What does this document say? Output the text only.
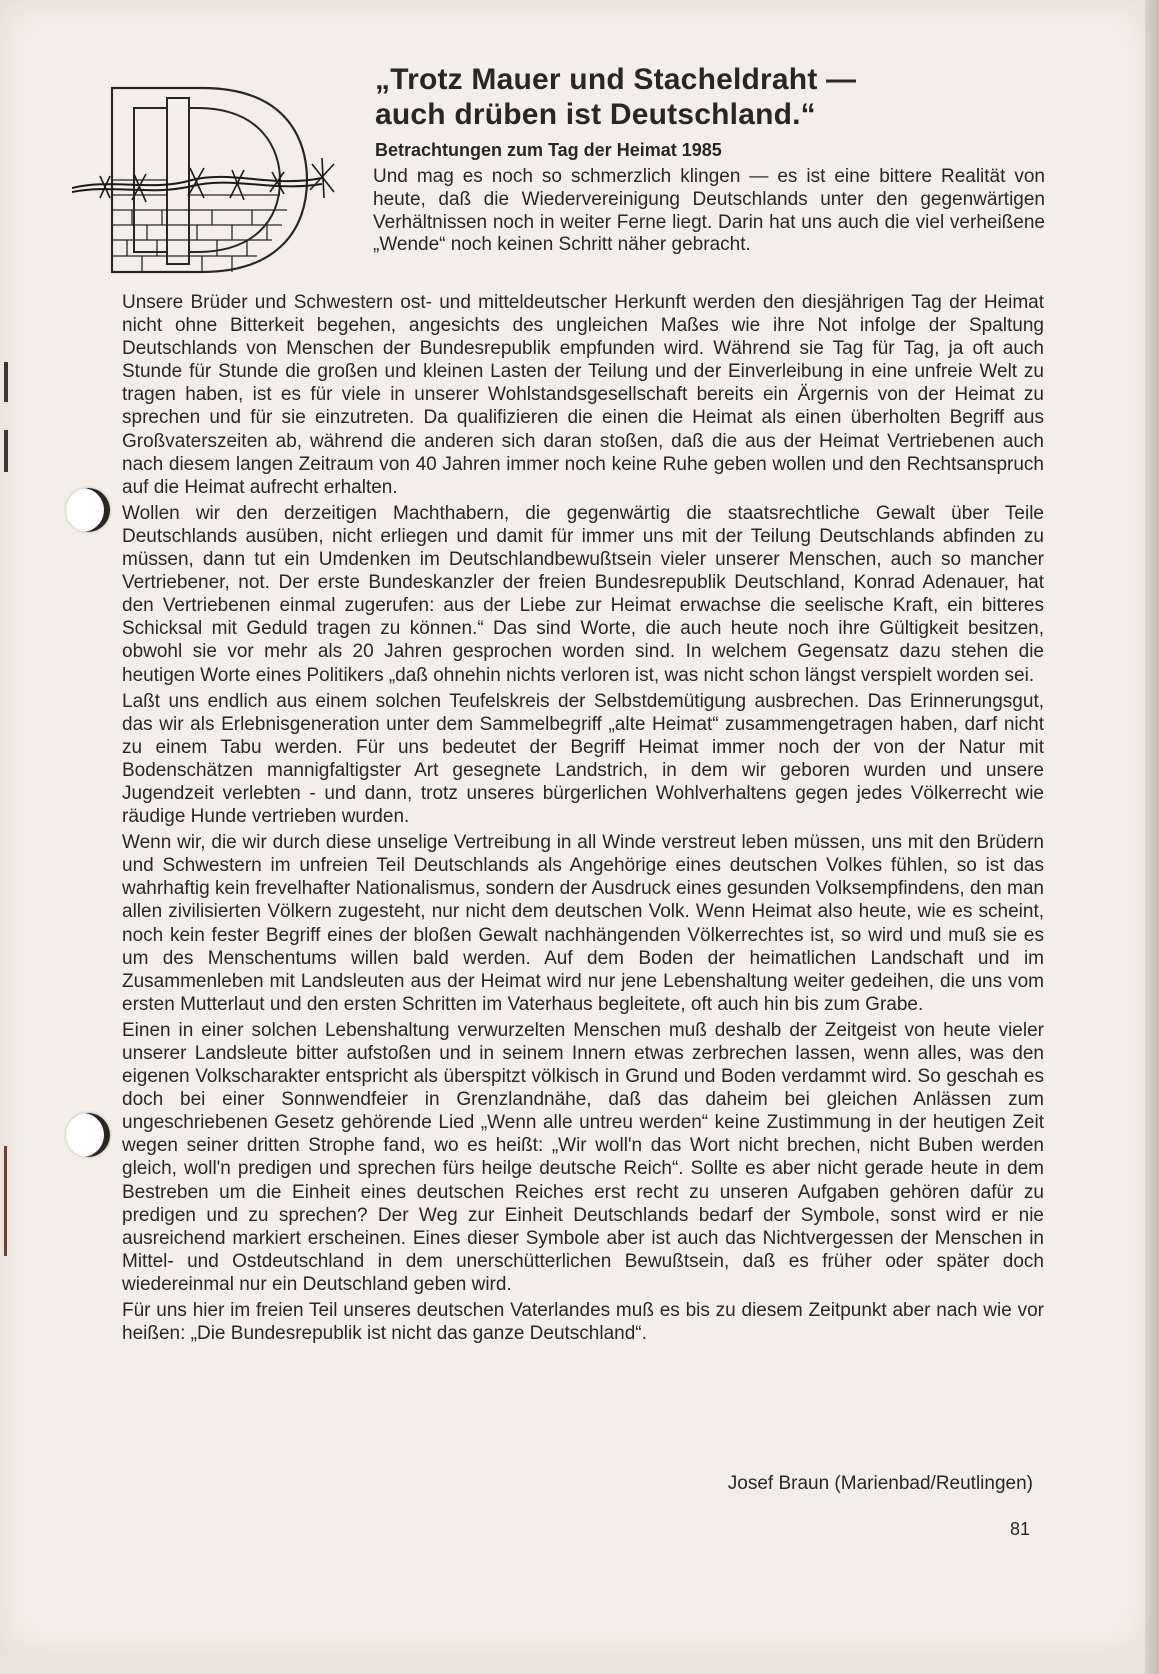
„Trotz Mauer und Stacheldraht —
auch drüben ist Deutschland.“
Betrachtungen zum Tag der Heimat 1985

Und mag es noch so schmerzlich klingen — es ist eine bittere Realität von heute, daß die Wiedervereinigung Deutschlands unter den gegenwärtigen Verhältnissen noch in weiter Ferne liegt. Darin hat uns auch die viel verheißene „Wende“ noch keinen Schritt näher gebracht.

Unsere Brüder und Schwestern ost- und mitteldeutscher Herkunft werden den diesjährigen Tag der Heimat nicht ohne Bitterkeit begehen, angesichts des ungleichen Maßes wie ihre Not infolge der Spaltung Deutschlands von Menschen der Bundesrepublik empfunden wird. Während sie Tag für Tag, ja oft auch Stunde für Stunde die großen und kleinen Lasten der Teilung und der Einverleibung in eine unfreie Welt zu tragen haben, ist es für viele in unserer Wohlstandsgesellschaft bereits ein Ärgernis von der Heimat zu sprechen und für sie einzutreten. Da qualifizieren die einen die Heimat als einen überholten Begriff aus Großvaterszeiten ab, während die anderen sich daran stoßen, daß die aus der Heimat Vertriebenen auch nach diesem langen Zeitraum von 40 Jahren immer noch keine Ruhe geben wollen und den Rechtsanspruch auf die Heimat aufrecht erhalten.

Wollen wir den derzeitigen Machthabern, die gegenwärtig die staatsrechtliche Gewalt über Teile Deutschlands ausüben, nicht erliegen und damit für immer uns mit der Teilung Deutschlands abfinden zu müssen, dann tut ein Umdenken im Deutschlandbewußtsein vieler unserer Menschen, auch so mancher Vertriebener, not. Der erste Bundeskanzler der freien Bundesrepublik Deutschland, Konrad Adenauer, hat den Vertriebenen einmal zugerufen: aus der Liebe zur Heimat erwachse die seelische Kraft, ein bitteres Schicksal mit Geduld tragen zu können.“ Das sind Worte, die auch heute noch ihre Gültigkeit besitzen, obwohl sie vor mehr als 20 Jahren gesprochen worden sind. In welchem Gegensatz dazu stehen die heutigen Worte eines Politikers „daß ohnehin nichts verloren ist, was nicht schon längst verspielt worden sei.

Laßt uns endlich aus einem solchen Teufelskreis der Selbstdemütigung ausbrechen. Das Erinnerungsgut, das wir als Erlebnisgeneration unter dem Sammelbegriff „alte Heimat“ zusammengetragen haben, darf nicht zu einem Tabu werden. Für uns bedeutet der Begriff Heimat immer noch der von der Natur mit Bodenschätzen mannigfaltigster Art gesegnete Landstrich, in dem wir geboren wurden und unsere Jugendzeit verlebten - und dann, trotz unseres bürgerlichen Wohlverhaltens gegen jedes Völkerrecht wie räudige Hunde vertrieben wurden.

Wenn wir, die wir durch diese unselige Vertreibung in all Winde verstreut leben müssen, uns mit den Brüdern und Schwestern im unfreien Teil Deutschlands als Angehörige eines deutschen Volkes fühlen, so ist das wahrhaftig kein frevelhafter Nationalismus, sondern der Ausdruck eines gesunden Volksempfindens, den man allen zivilisierten Völkern zugesteht, nur nicht dem deutschen Volk. Wenn Heimat also heute, wie es scheint, noch kein fester Begriff eines der bloßen Gewalt nachhängenden Völkerrechtes ist, so wird und muß sie es um des Menschentums willen bald werden. Auf dem Boden der heimatlichen Landschaft und im Zusammenleben mit Landsleuten aus der Heimat wird nur jene Lebenshaltung weiter gedeihen, die uns vom ersten Mutterlaut und den ersten Schritten im Vaterhaus begleitete, oft auch hin bis zum Grabe.

Einen in einer solchen Lebenshaltung verwurzelten Menschen muß deshalb der Zeitgeist von heute vieler unserer Landsleute bitter aufstoßen und in seinem Innern etwas zerbrechen lassen, wenn alles, was den eigenen Volkscharakter entspricht als überspitzt völkisch in Grund und Boden verdammt wird. So geschah es doch bei einer Sonnwendfeier in Grenzlandnähe, daß das daheim bei gleichen Anlässen zum ungeschriebenen Gesetz gehörende Lied „Wenn alle untreu werden“ keine Zustimmung in der heutigen Zeit wegen seiner dritten Strophe fand, wo es heißt: „Wir woll'n das Wort nicht brechen, nicht Buben werden gleich, woll'n predigen und sprechen fürs heilge deutsche Reich“. Sollte es aber nicht gerade heute in dem Bestreben um die Einheit eines deutschen Reiches erst recht zu unseren Aufgaben gehören dafür zu predigen und zu sprechen? Der Weg zur Einheit Deutschlands bedarf der Symbole, sonst wird er nie ausreichend markiert erscheinen. Eines dieser Symbole aber ist auch das Nichtvergessen der Menschen in Mittel- und Ostdeutschland in dem unerschütterlichen Bewußtsein, daß es früher oder später doch wiedereinmal nur ein Deutschland geben wird.

Für uns hier im freien Teil unseres deutschen Vaterlandes muß es bis zu diesem Zeitpunkt aber nach wie vor heißen: „Die Bundesrepublik ist nicht das ganze Deutschland“.

Josef Braun (Marienbad/Reutlingen)

81
